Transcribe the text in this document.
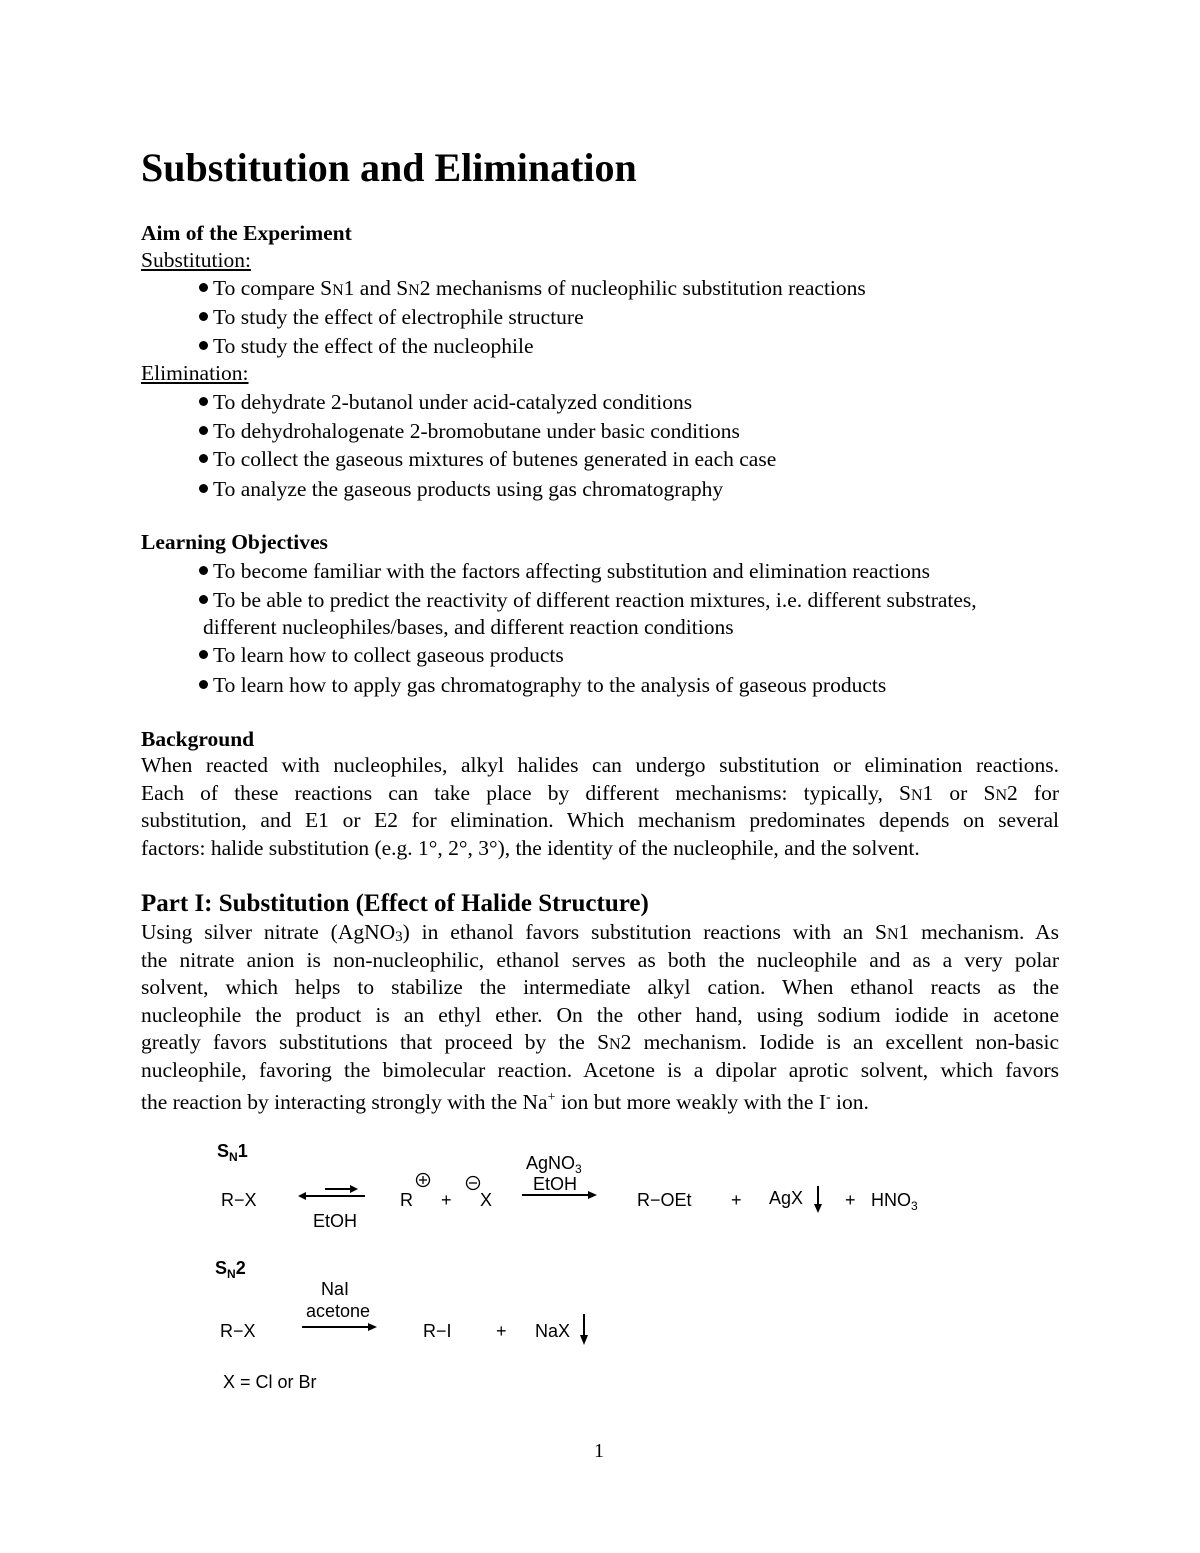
Substitution and Elimination
Aim of the Experiment
Substitution:
To compare SN1 and SN2 mechanisms of nucleophilic substitution reactions
To study the effect of electrophile structure
To study the effect of the nucleophile
Elimination:
To dehydrate 2-butanol under acid-catalyzed conditions
To dehydrohalogenate 2-bromobutane under basic conditions
To collect the gaseous mixtures of butenes generated in each case
To analyze the gaseous products using gas chromatography
Learning Objectives
To become familiar with the factors affecting substitution and elimination reactions
To be able to predict the reactivity of different reaction mixtures, i.e. different substrates,
different nucleophiles/bases, and different reaction conditions
To learn how to collect gaseous products
To learn how to apply gas chromatography to the analysis of gaseous products
Background
When reacted with nucleophiles, alkyl halides can undergo substitution or elimination reactions.
Each of these reactions can take place by different mechanisms: typically, SN1 or SN2 for
substitution, and E1 or E2 for elimination. Which mechanism predominates depends on several
factors: halide substitution (e.g. 1°, 2°, 3°), the identity of the nucleophile, and the solvent.
Part I: Substitution (Effect of Halide Structure)
Using silver nitrate (AgNO3) in ethanol favors substitution reactions with an SN1 mechanism. As
the nitrate anion is non-nucleophilic, ethanol serves as both the nucleophile and as a very polar
solvent, which helps to stabilize the intermediate alkyl cation. When ethanol reacts as the
nucleophile the product is an ethyl ether. On the other hand, using sodium iodide in acetone
greatly favors substitutions that proceed by the SN2 mechanism. Iodide is an excellent non-basic
nucleophile, favoring the bimolecular reaction. Acetone is a dipolar aprotic solvent, which favors
the reaction by interacting strongly with the Na+ ion but more weakly with the I- ion.
$S_N1$
R−X
EtOH
R + X
AgNO$_3$
EtOH
R−OEt + AgX + $HNO_3$
$S_N2$
NaI
acetone
R−X	R−I + NaX
X = Cl or Br
1
